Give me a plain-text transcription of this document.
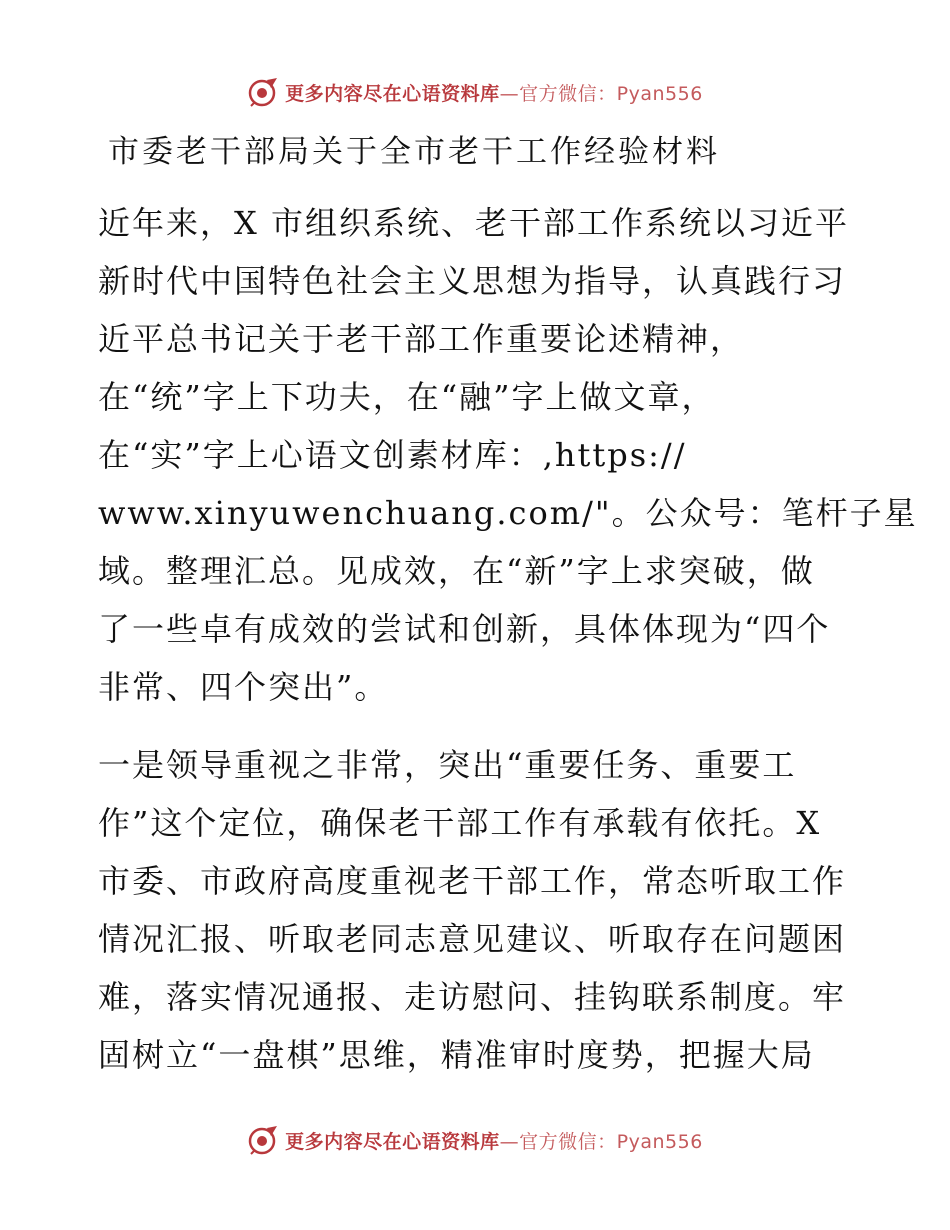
更多内容尽在心语资料库—官方微信：Pyan556
市委老干部局关于全市老干工作经验材料
近年来，X 市组织系统、老干部工作系统以习近平
新时代中国特色社会主义思想为指导，认真践行习
近平总书记关于老干部工作重要论述精神，
在“统”字上下功夫，在“融”字上做文章，
在“实”字上心语文创素材库：,https://
www.xinyuwenchuang.com/"。公众号：笔杆子星
域。整理汇总。见成效，在“新”字上求突破，做
了一些卓有成效的尝试和创新，具体体现为“四个
非常、四个突出”。
一是领导重视之非常，突出“重要任务、重要工
作”这个定位，确保老干部工作有承载有依托。X
市委、市政府高度重视老干部工作，常态听取工作
情况汇报、听取老同志意见建议、听取存在问题困
难，落实情况通报、走访慰问、挂钩联系制度。牢
固树立“一盘棋”思维，精准审时度势，把握大局
更多内容尽在心语资料库—官方微信：Pyan556
